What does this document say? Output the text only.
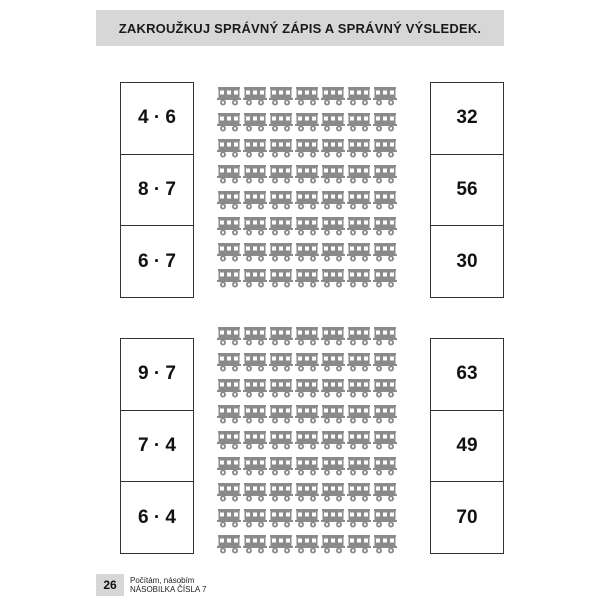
ZAKROUŽKUJ SPRÁVNÝ ZÁPIS A SPRÁVNÝ VÝSLEDEK.
4 · 6
8 · 7
6 · 7
32
56
30
9 · 7
7 · 4
6 · 4
63
49
70
26 Počítám, násobím
NÁSOBILKA ČÍSLA 7
